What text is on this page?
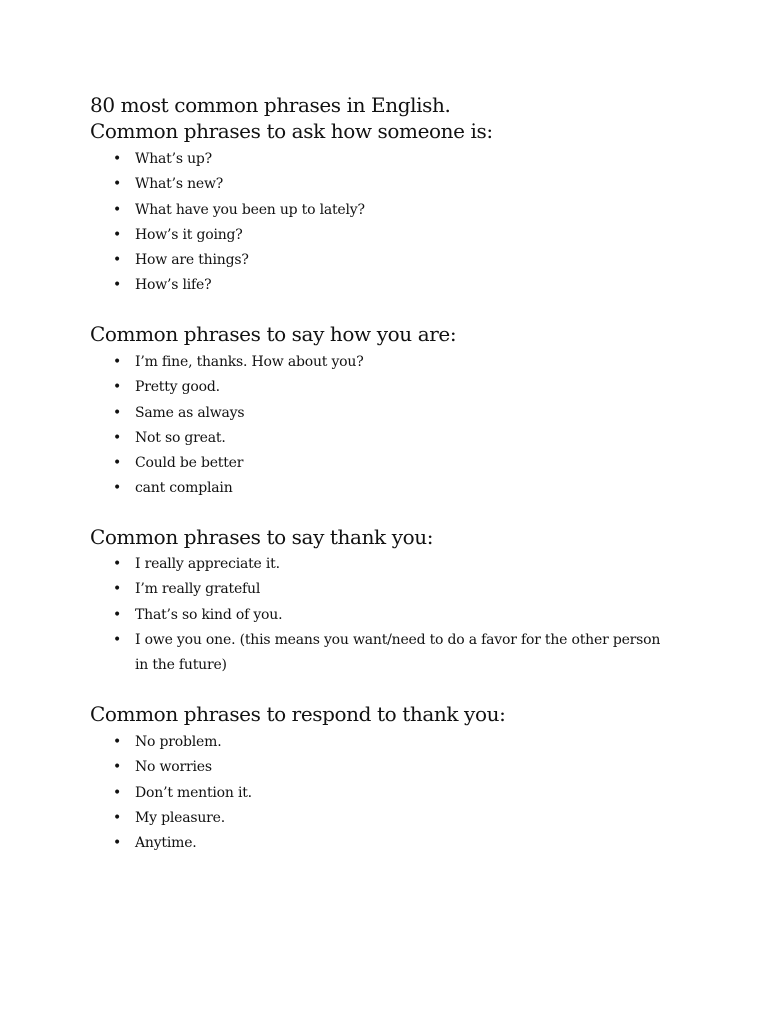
80 most common phrases in English.
Common phrases to ask how someone is:
• What’s up?
• What’s new?
• What have you been up to lately?
• How’s it going?
• How are things?
• How’s life?
Common phrases to say how you are:
• I’m fine, thanks. How about you?
• Pretty good.
• Same as always
• Not so great.
• Could be better
• cant complain
Common phrases to say thank you:
• I really appreciate it.
• I’m really grateful
• That’s so kind of you.
• I owe you one. (this means you want/need to do a favor for the other person in the future)
Common phrases to respond to thank you:
• No problem.
• No worries
• Don’t mention it.
• My pleasure.
• Anytime.
